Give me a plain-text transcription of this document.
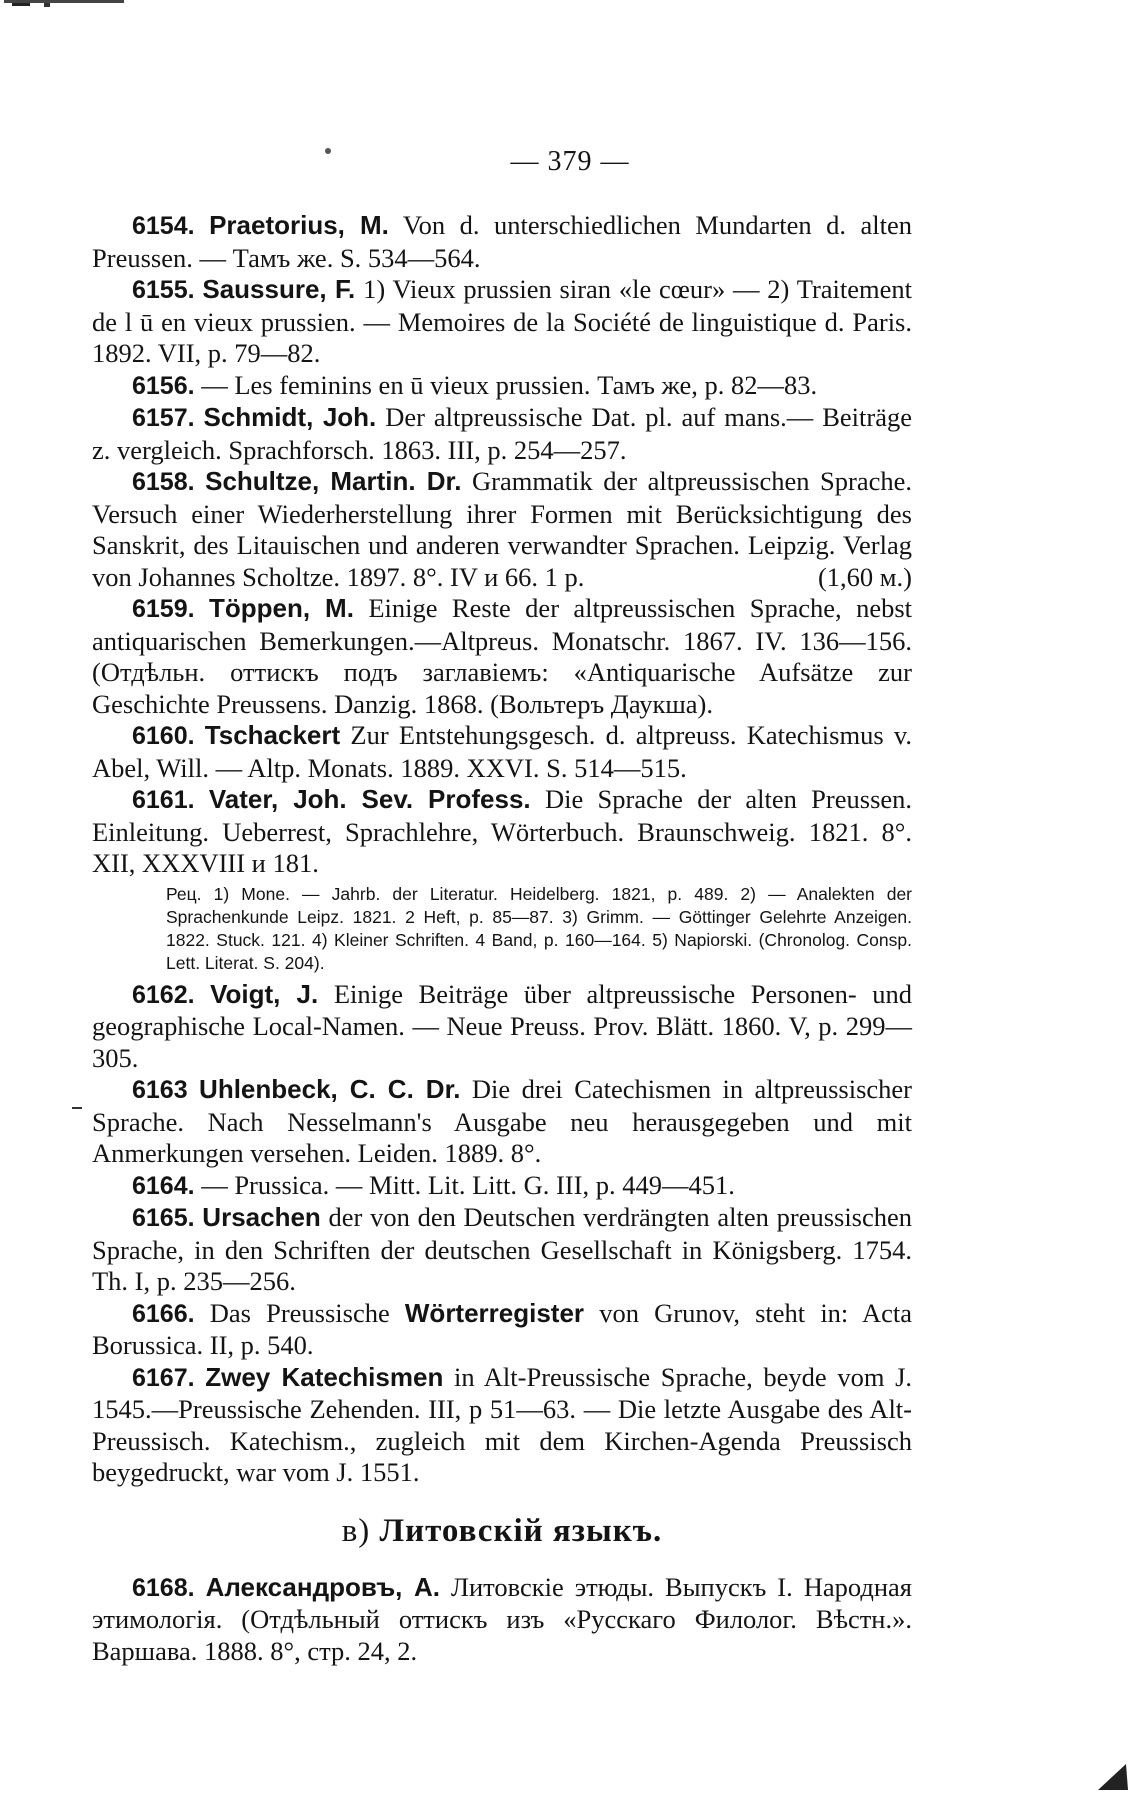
— 379 —

6154. Praetorius, M. Von d. unterschiedlichen Mundarten d. alten Preussen. — Тамъ же. S. 534—564.

6155. Saussure, F. 1) Vieux prussien siran «le cœur» — 2) Traitement de l ū en vieux prussien. — Memoires de la Société de linguistique d. Paris. 1892. VII, p. 79—82.

6156. — Les feminins en ū vieux prussien. Тамъ же, p. 82—83.

6157. Schmidt, Joh. Der altpreussische Dat. pl. auf mans.— Beiträge z. vergleich. Sprachforsch. 1863. III, p. 254—257.

6158. Schultze, Martin. Dr. Grammatik der altpreussischen Sprache. Versuch einer Wiederherstellung ihrer Formen mit Berücksichtigung des Sanskrit, des Litauischen und anderen verwandter Sprachen. Leipzig. Verlag von Johannes Scholtze. 1897. 8°. IV и 66. 1 p.	(1,60 м.)

6159. Töppen, M. Einige Reste der altpreussischen Sprache, nebst antiquarischen Bemerkungen.—Altpreus. Monatschr. 1867. IV. 136—156. (Отдѣльн. оттискъ подъ заглавіемъ: «Antiquarische Aufsätze zur Geschichte Preussens. Danzig. 1868. (Вольтеръ Даукша).

6160. Tschackert Zur Entstehungsgesch. d. altpreuss. Katechismus v. Abel, Will. — Altp. Monats. 1889. XXVI. S. 514—515.

6161. Vater, Joh. Sev. Profess. Die Sprache der alten Preussen. Einleitung. Ueberrest, Sprachlehre, Wörterbuch. Braunschweig. 1821. 8°. XII, XXXVIII и 181.

Рец. 1) Mone. — Jahrb. der Literatur. Heidelberg. 1821, p. 489. 2) — Analekten der Sprachenkunde Leipz. 1821. 2 Heft, p. 85—87. 3) Grimm. — Göttinger Gelehrte Anzeigen. 1822. Stuck. 121. 4) Kleiner Schriften. 4 Band, p. 160—164. 5) Napiorski. (Chronolog. Consp. Lett. Literat. S. 204).

6162. Voigt, J. Einige Beiträge über altpreussische Personen- und geographische Local-Namen. — Neue Preuss. Prov. Blätt. 1860. V, p. 299—305.

6163 Uhlenbeck, C. C. Dr. Die drei Catechismen in altpreussischer Sprache. Nach Nesselmann's Ausgabe neu herausgegeben und mit Anmerkungen versehen. Leiden. 1889. 8°.

6164. — Prussica. — Mitt. Lit. Litt. G. III, p. 449—451.

6165. Ursachen der von den Deutschen verdrängten alten preussischen Sprache, in den Schriften der deutschen Gesellschaft in Königsberg. 1754. Th. I, p. 235—256.

6166. Das Preussische Wörterregister von Grunov, steht in: Acta Borussica. II, p. 540.

6167. Zwey Katechismen in Alt-Preussische Sprache, beyde vom J. 1545.—Preussische Zehenden. III, p 51—63. — Die letzte Ausgabe des Alt-Preussisch. Katechism., zugleich mit dem Kirchen-Agenda Preussisch beygedruckt, war vom J. 1551.

в) Литовскій языкъ.

6168. Александровъ, А. Литовскіе этюды. Выпускъ I. Народная этимологія. (Отдѣльный оттискъ изъ «Русскаго Филолог. Вѣстн.». Варшава. 1888. 8°, стр. 24, 2.
